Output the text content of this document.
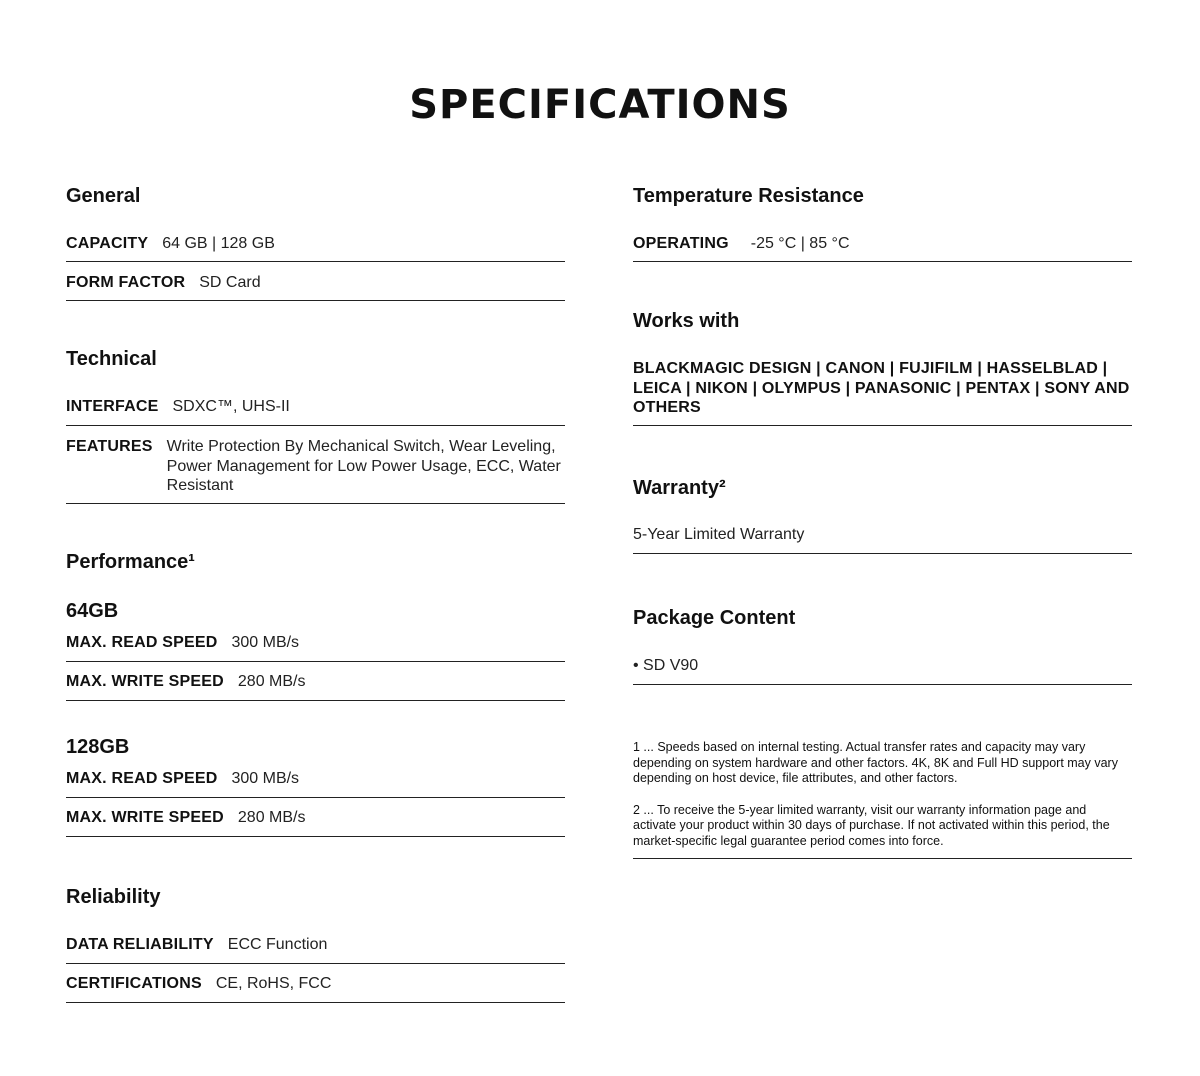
SPECIFICATIONS
General
CAPACITY 64 GB | 128 GB
FORM FACTOR SD Card
Technical
INTERFACE SDXC™, UHS-II
FEATURES Write Protection By Mechanical Switch, Wear Leveling, Power Management for Low Power Usage, ECC, Water Resistant
Performance¹
64GB
MAX. READ SPEED 300 MB/s
MAX. WRITE SPEED 280 MB/s
128GB
MAX. READ SPEED 300 MB/s
MAX. WRITE SPEED 280 MB/s
Reliability
DATA RELIABILITY ECC Function
CERTIFICATIONS CE, RoHS, FCC
Temperature Resistance
OPERATING	-25 °C | 85 °C
Works with
BLACKMAGIC DESIGN | CANON | FUJIFILM | HASSELBLAD | LEICA | NIKON | OLYMPUS | PANASONIC | PENTAX | SONY AND OTHERS
Warranty²
5-Year Limited Warranty
Package Content
• SD V90

1 ... Speeds based on internal testing. Actual transfer rates and capacity may vary depending on system hardware and other factors. 4K, 8K and Full HD support may vary depending on host device, file attributes, and other factors.

2 ... To receive the 5-year limited warranty, visit our warranty information page and activate your product within 30 days of purchase. If not activated within this period, the market-specific legal guarantee period comes into force.
